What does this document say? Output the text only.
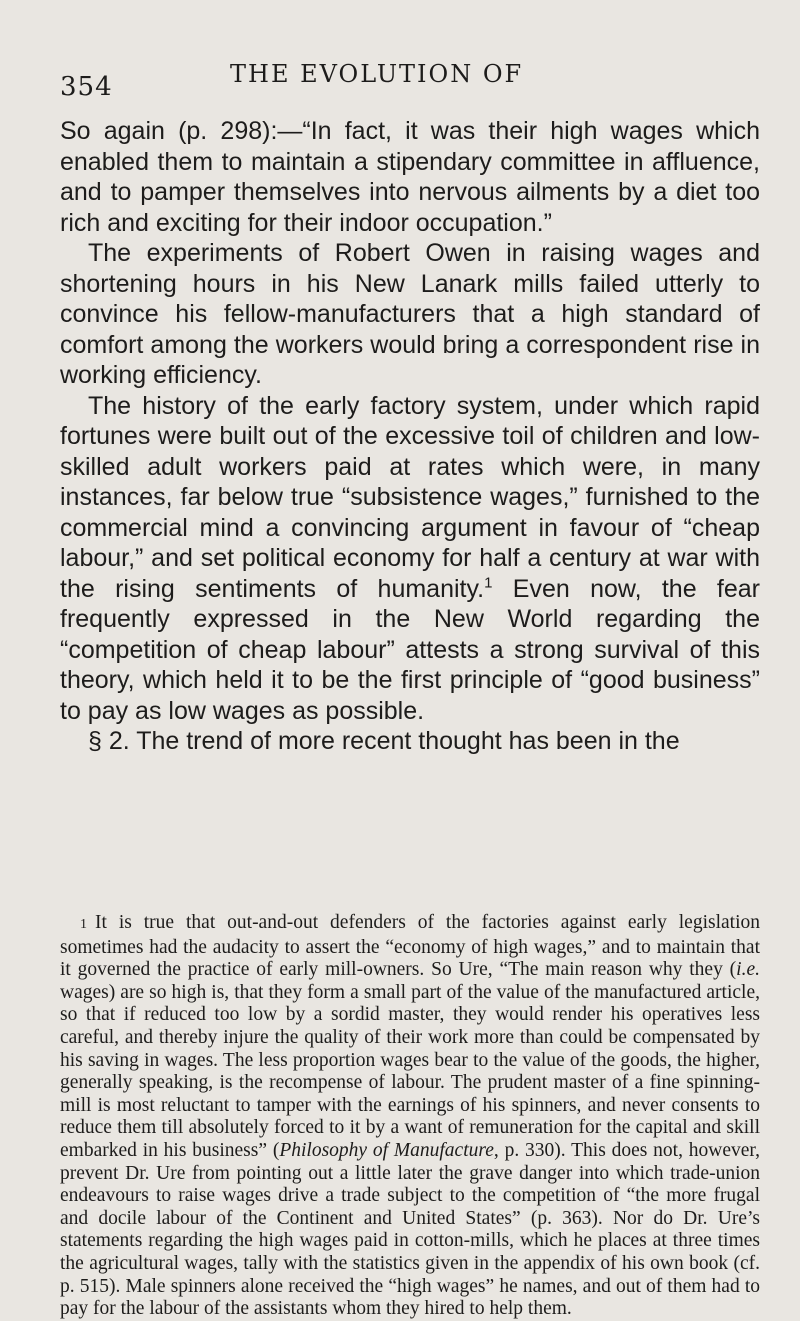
354	THE EVOLUTION OF

So again (p. 298):—“In fact, it was their high wages which enabled them to maintain a stipendary committee in affluence, and to pamper themselves into nervous ailments by a diet too rich and exciting for their indoor occupation.”

The experiments of Robert Owen in raising wages and shortening hours in his New Lanark mills failed utterly to convince his fellow-manufacturers that a high standard of comfort among the workers would bring a correspondent rise in working efficiency.

The history of the early factory system, under which rapid fortunes were built out of the excessive toil of children and low-skilled adult workers paid at rates which were, in many instances, far below true “subsistence wages,” furnished to the commercial mind a convincing argument in favour of “cheap labour,” and set political economy for half a century at war with the rising sentiments of humanity.$^1$ Even now, the fear frequently expressed in the New World regarding the “competition of cheap labour” attests a strong survival of this theory, which held it to be the first principle of “good business” to pay as low wages as possible.

§ 2. The trend of more recent thought has been in the

1 It is true that out-and-out defenders of the factories against early legislation sometimes had the audacity to assert the “economy of high wages,” and to maintain that it governed the practice of early mill-owners. So Ure, “The main reason why they (i.e. wages) are so high is, that they form a small part of the value of the manufactured article, so that if reduced too low by a sordid master, they would render his operatives less careful, and thereby injure the quality of their work more than could be compensated by his saving in wages. The less proportion wages bear to the value of the goods, the higher, generally speaking, is the recompense of labour. The prudent master of a fine spinning-mill is most reluctant to tamper with the earnings of his spinners, and never consents to reduce them till absolutely forced to it by a want of remuneration for the capital and skill embarked in his business” (Philosophy of Manufacture, p. 330). This does not, however, prevent Dr. Ure from pointing out a little later the grave danger into which trade-union endeavours to raise wages drive a trade subject to the competition of “the more frugal and docile labour of the Continent and United States” (p. 363). Nor do Dr. Ure’s statements regarding the high wages paid in cotton-mills, which he places at three times the agricultural wages, tally with the statistics given in the appendix of his own book (cf. p. 515). Male spinners alone received the “high wages” he names, and out of them had to pay for the labour of the assistants whom they hired to help them.
